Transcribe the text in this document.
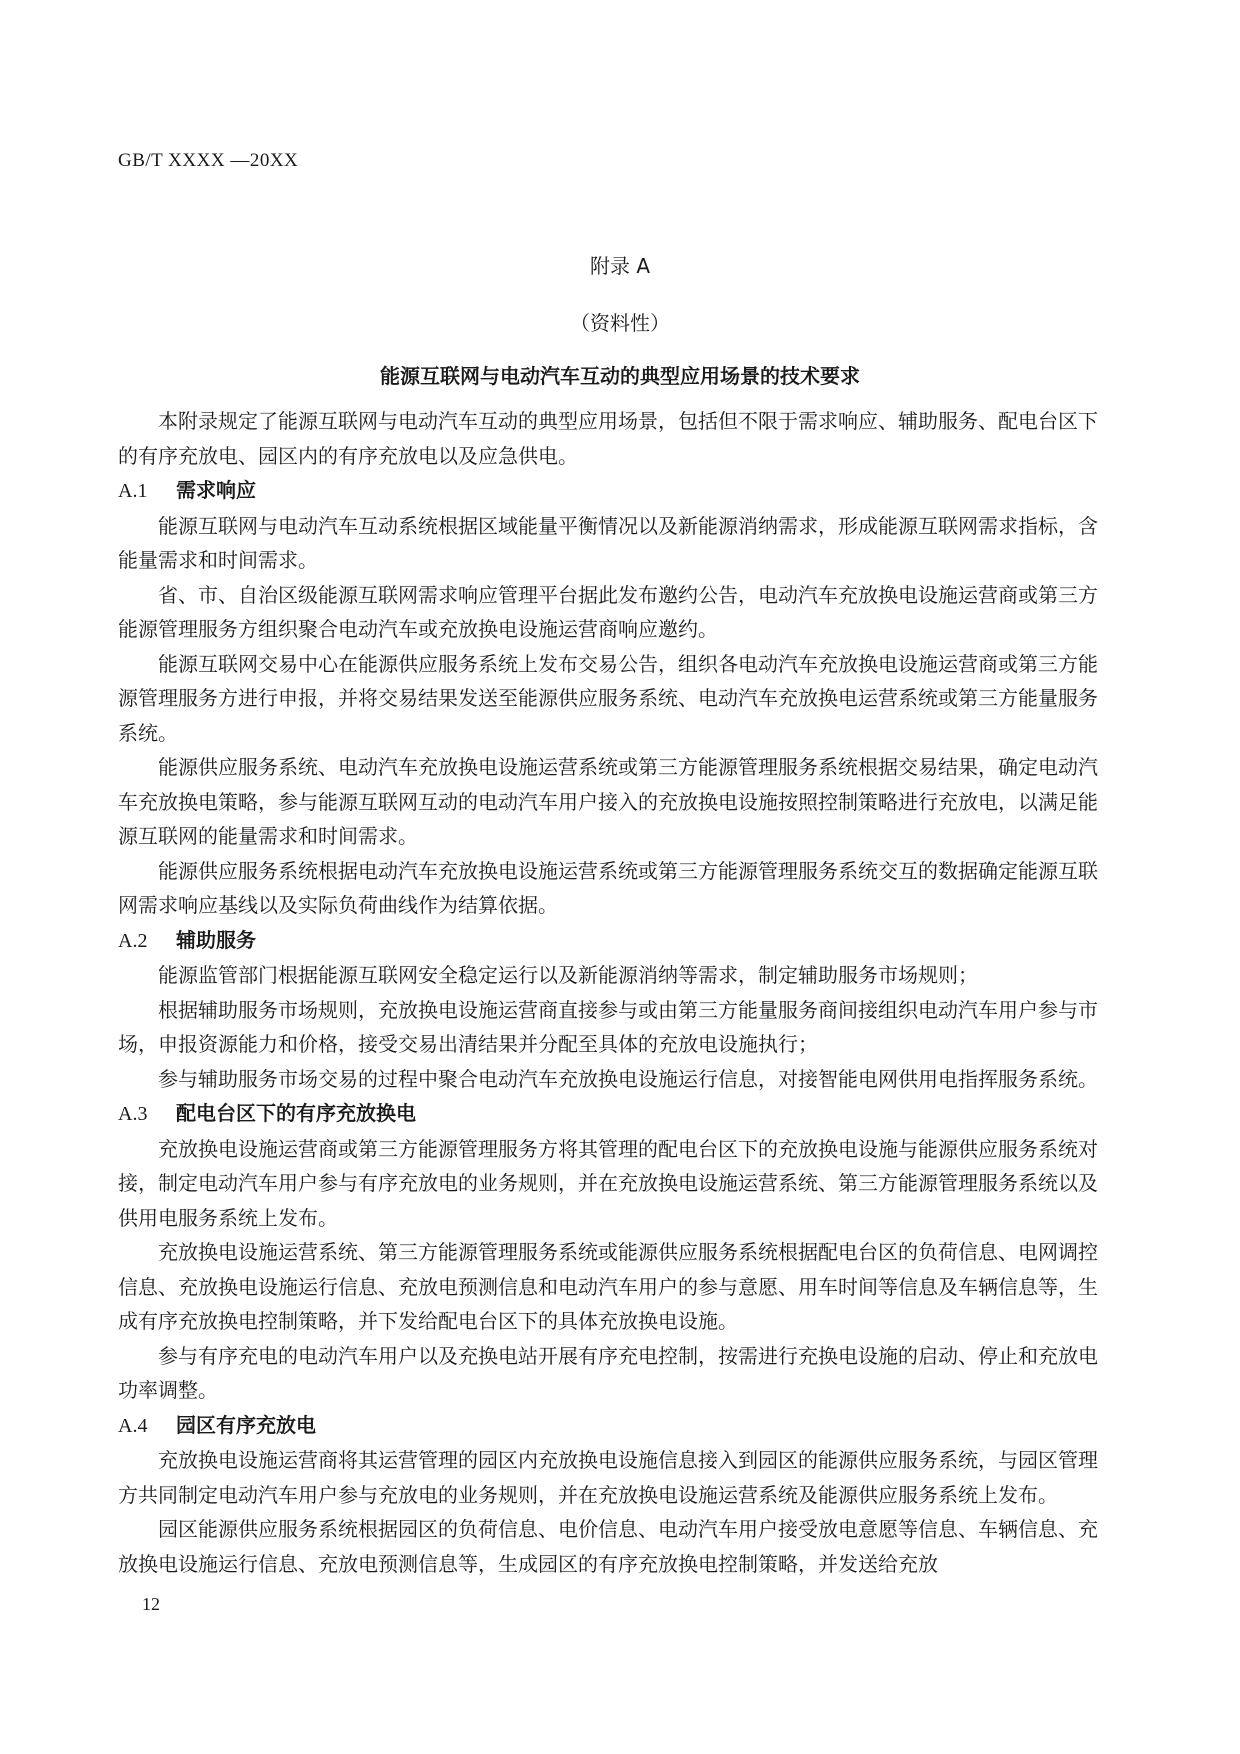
GB/T XXXX —20XX
附录 A
（资料性）
能源互联网与电动汽车互动的典型应用场景的技术要求

本附录规定了能源互联网与电动汽车互动的典型应用场景，包括但不限于需求响应、辅助服务、配电台区下的有序充放电、园区内的有序充放电以及应急供电。

A.1 需求响应

能源互联网与电动汽车互动系统根据区域能量平衡情况以及新能源消纳需求，形成能源互联网需求指标，含能量需求和时间需求。

省、市、自治区级能源互联网需求响应管理平台据此发布邀约公告，电动汽车充放换电设施运营商或第三方能源管理服务方组织聚合电动汽车或充放换电设施运营商响应邀约。

能源互联网交易中心在能源供应服务系统上发布交易公告，组织各电动汽车充放换电设施运营商或第三方能源管理服务方进行申报，并将交易结果发送至能源供应服务系统、电动汽车充放换电运营系统或第三方能量服务系统。

能源供应服务系统、电动汽车充放换电设施运营系统或第三方能源管理服务系统根据交易结果，确定电动汽车充放换电策略，参与能源互联网互动的电动汽车用户接入的充放换电设施按照控制策略进行充放电，以满足能源互联网的能量需求和时间需求。

能源供应服务系统根据电动汽车充放换电设施运营系统或第三方能源管理服务系统交互的数据确定能源互联网需求响应基线以及实际负荷曲线作为结算依据。

A.2 辅助服务

能源监管部门根据能源互联网安全稳定运行以及新能源消纳等需求，制定辅助服务市场规则；

根据辅助服务市场规则，充放换电设施运营商直接参与或由第三方能量服务商间接组织电动汽车用户参与市场，申报资源能力和价格，接受交易出清结果并分配至具体的充放电设施执行；

参与辅助服务市场交易的过程中聚合电动汽车充放换电设施运行信息，对接智能电网供用电指挥服务系统。

A.3 配电台区下的有序充放换电

充放换电设施运营商或第三方能源管理服务方将其管理的配电台区下的充放换电设施与能源供应服务系统对接，制定电动汽车用户参与有序充放电的业务规则，并在充放换电设施运营系统、第三方能源管理服务系统以及供用电服务系统上发布。

充放换电设施运营系统、第三方能源管理服务系统或能源供应服务系统根据配电台区的负荷信息、电网调控信息、充放换电设施运行信息、充放电预测信息和电动汽车用户的参与意愿、用车时间等信息及车辆信息等，生成有序充放换电控制策略，并下发给配电台区下的具体充放换电设施。

参与有序充电的电动汽车用户以及充换电站开展有序充电控制，按需进行充换电设施的启动、停止和充放电功率调整。

A.4 园区有序充放电

充放换电设施运营商将其运营管理的园区内充放换电设施信息接入到园区的能源供应服务系统，与园区管理方共同制定电动汽车用户参与充放电的业务规则，并在充放换电设施运营系统及能源供应服务系统上发布。

园区能源供应服务系统根据园区的负荷信息、电价信息、电动汽车用户接受放电意愿等信息、车辆信息、充放换电设施运行信息、充放电预测信息等，生成园区的有序充放换电控制策略，并发送给充放

12
